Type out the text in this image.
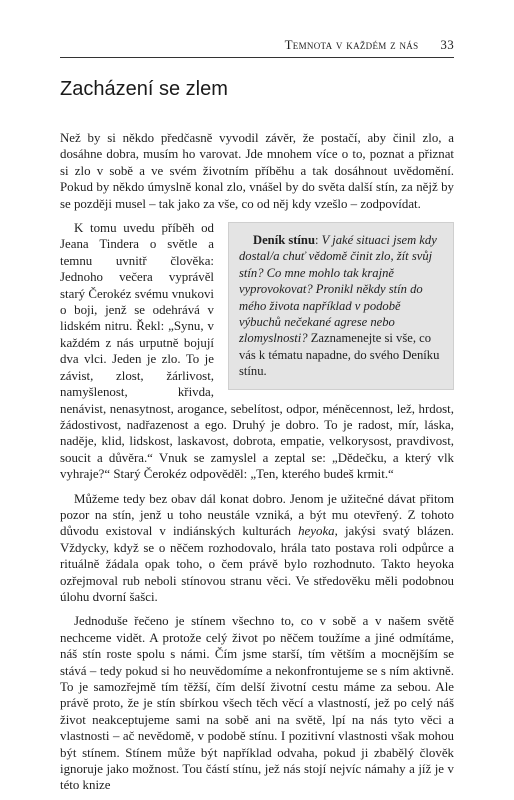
Temnota v každém z nás 33
Zacházení se zlem

Než by si někdo předčasně vyvodil závěr, že postačí, aby činil zlo, a dosáhne dobra, musím ho varovat. Jde mnohem více o to, poznat a přiznat si zlo v sobě a ve svém životním příběhu a tak dosáhnout uvědomění. Pokud by někdo úmyslně konal zlo, vnášel by do světa další stín, za nějž by se později musel – tak jako za vše, co od něj kdy vzešlo – zodpovídat.

Deník stínu: V jaké situaci jsem kdy dostal/a chuť vědomě činit zlo, žít svůj stín? Co mne mohlo tak krajně vyprovokovat? Pronikl někdy stín do mého života například v podobě výbuchů nečekané agrese nebo zlomyslnosti? Zaznamenejte si vše, co vás k tématu napadne, do svého Deníku stínu.
K tomu uvedu příběh od Jeana Tindera o světle a temnu uvnitř člověka: Jednoho večera vyprávěl starý Čerokéz svému vnukovi o boji, jenž se odehrává v lidském nitru. Řekl: „Synu, v každém z nás urputně bojují dva vlci. Jeden je zlo. To je závist, zlost, žárlivost, namyšlenost, křivda, nenávist, nenasytnost, arogance, sebelítost, odpor, méněcennost, lež, hrdost, žádostivost, nadřazenost a ego. Druhý je dobro. To je radost, mír, láska, naděje, klid, lidskost, laskavost, dobrota, empatie, velkorysost, pravdivost, soucit a důvěra.“ Vnuk se zamyslel a zeptal se: „Dědečku, a který vlk vyhraje?“ Starý Čerokéz odpověděl: „Ten, kterého budeš krmit.“

Můžeme tedy bez obav dál konat dobro. Jenom je užitečné dávat přitom pozor na stín, jenž u toho neustále vzniká, a být mu otevřený. Z tohoto důvodu existoval v indiánských kulturách heyoka, jakýsi svatý blázen. Vždycky, když se o něčem rozhodovalo, hrála tato postava roli odpůrce a rituálně žádala opak toho, o čem právě bylo rozhodnuto. Takto heyoka ozřejmoval rub neboli stínovou stranu věci. Ve středověku měli podobnou úlohu dvorní šašci.

Jednoduše řečeno je stínem všechno to, co v sobě a v našem světě nechceme vidět. A protože celý život po něčem toužíme a jiné odmítáme, náš stín roste spolu s námi. Čím jsme starší, tím větším a mocnějším se stává – tedy pokud si ho neuvědomíme a nekonfrontujeme se s ním aktivně. To je samozřejmě tím těžší, čím delší životní cestu máme za sebou. Ale právě proto, že je stín sbírkou všech těch věcí a vlastností, jež po celý náš život neakceptujeme sami na sobě ani na světě, lpí na nás tyto věci a vlastnosti – ač nevědomě, v podobě stínu. I pozitivní vlastnosti však mohou být stínem. Stínem může být například odvaha, pokud ji zbabělý člověk ignoruje jako možnost. Tou částí stínu, jež nás stojí nejvíc námahy a jíž je v této knize
